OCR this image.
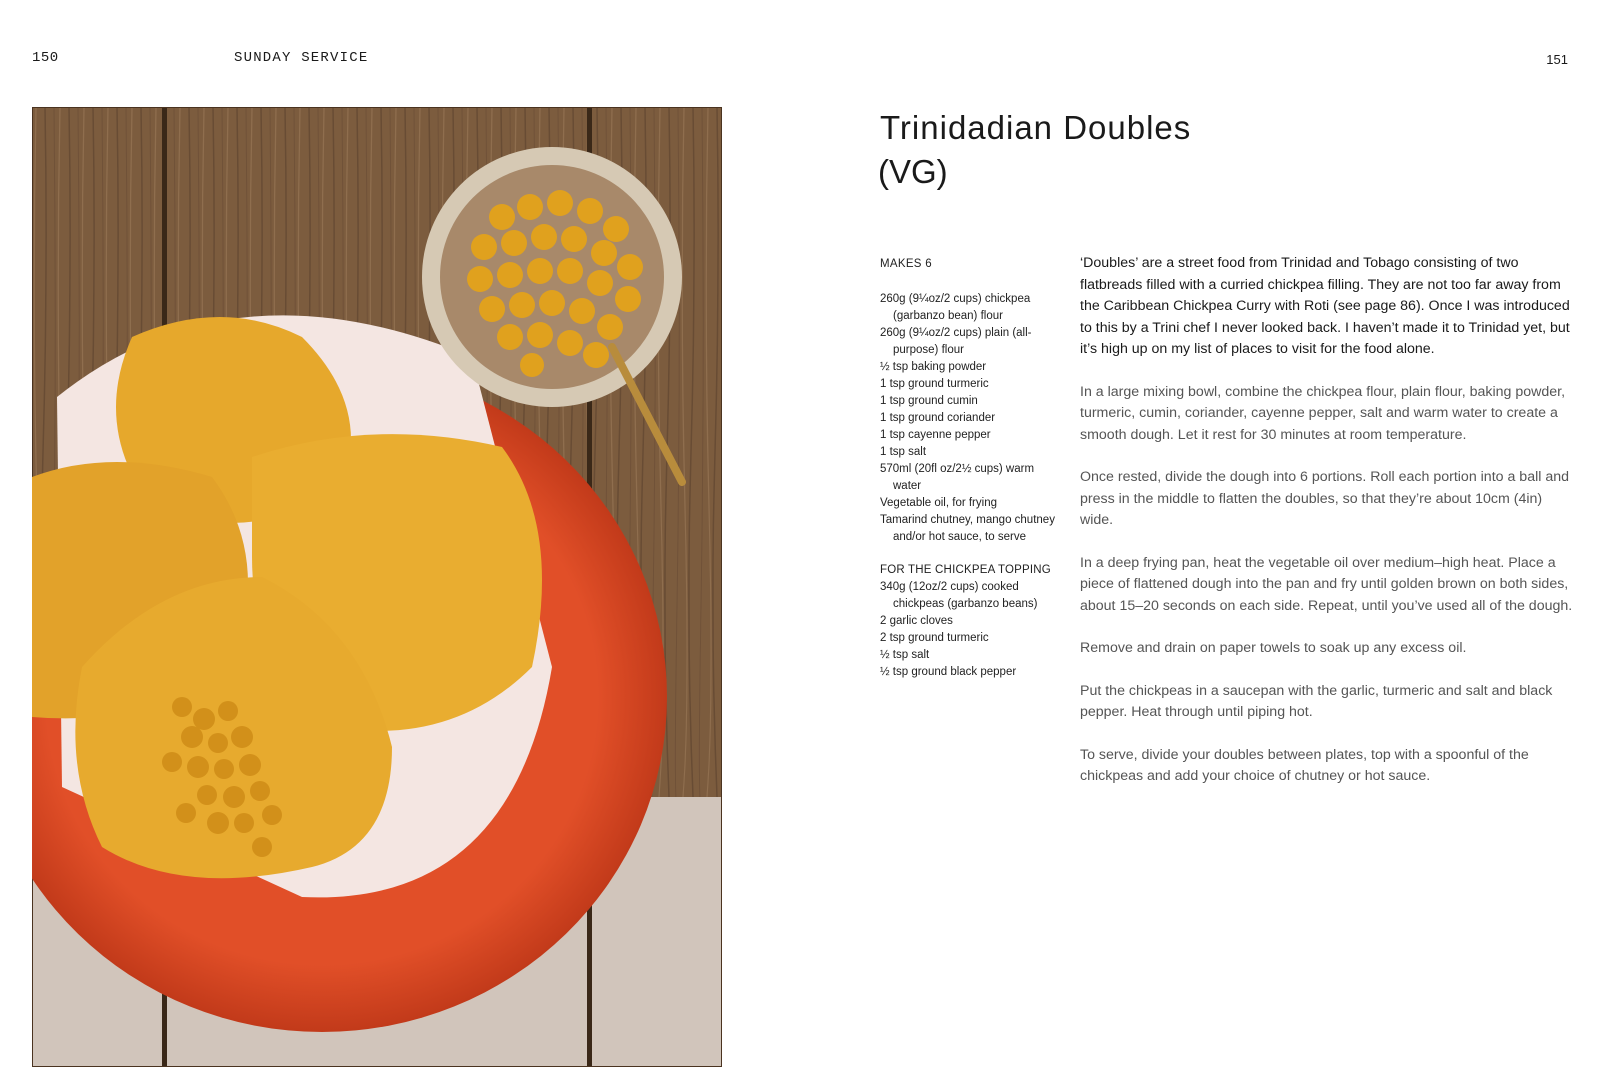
150	SUNDAY SERVICE	151
Trinidadian Doubles
(VG)

MAKES 6

260g (9¼oz/2 cups) chickpea (garbanzo bean) flour
260g (9¼oz/2 cups) plain (all-purpose) flour
½ tsp baking powder
1 tsp ground turmeric
1 tsp ground cumin
1 tsp ground coriander
1 tsp cayenne pepper
1 tsp salt
570ml (20fl oz/2½ cups) warm water
Vegetable oil, for frying
Tamarind chutney, mango chutney and/or hot sauce, to serve

FOR THE CHICKPEA TOPPING

340g (12oz/2 cups) cooked chickpeas (garbanzo beans)
2 garlic cloves
2 tsp ground turmeric
½ tsp salt
½ tsp ground black pepper

‘Doubles’ are a street food from Trinidad and Tobago consisting of two flatbreads filled with a curried chickpea filling. They are not too far away from the Caribbean Chickpea Curry with Roti (see page 86). Once I was introduced to this by a Trini chef I never looked back. I haven’t made it to Trinidad yet, but it’s high up on my list of places to visit for the food alone.

In a large mixing bowl, combine the chickpea flour, plain flour, baking powder, turmeric, cumin, coriander, cayenne pepper, salt and warm water to create a smooth dough. Let it rest for 30 minutes at room temperature.

Once rested, divide the dough into 6 portions. Roll each portion into a ball and press in the middle to flatten the doubles, so that they’re about 10cm (4in) wide.

In a deep frying pan, heat the vegetable oil over medium–high heat. Place a piece of flattened dough into the pan and fry until golden brown on both sides, about 15–20 seconds on each side. Repeat, until you’ve used all of the dough.

Remove and drain on paper towels to soak up any excess oil.

Put the chickpeas in a saucepan with the garlic, turmeric and salt and black pepper. Heat through until piping hot.

To serve, divide your doubles between plates, top with a spoonful of the chickpeas and add your choice of chutney or hot sauce.
